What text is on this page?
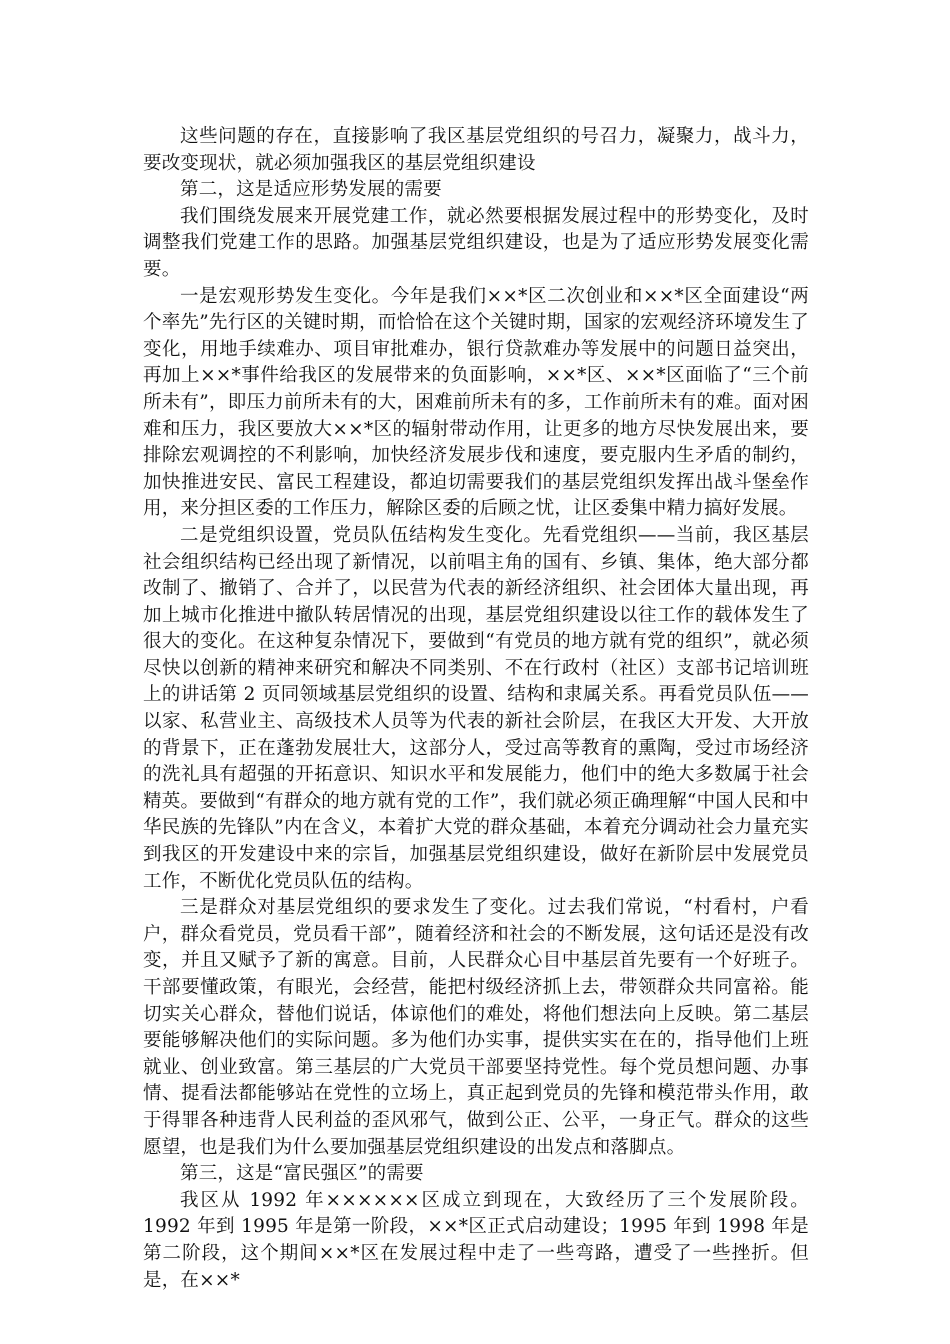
这些问题的存在，直接影响了我区基层党组织的号召力，凝聚力，战斗力，要改变现状，就必须加强我区的基层党组织建设

第二，这是适应形势发展的需要

我们围绕发展来开展党建工作，就必然要根据发展过程中的形势变化，及时调整我们党建工作的思路。加强基层党组织建设，也是为了适应形势发展变化需要。

一是宏观形势发生变化。今年是我们××*区二次创业和××*区全面建设“两个率先”先行区的关键时期，而恰恰在这个关键时期，国家的宏观经济环境发生了变化，用地手续难办、项目审批难办，银行贷款难办等发展中的问题日益突出，再加上××*事件给我区的发展带来的负面影响，××*区、××*区面临了“三个前所未有”，即压力前所未有的大，困难前所未有的多，工作前所未有的难。面对困难和压力，我区要放大××*区的辐射带动作用，让更多的地方尽快发展出来，要排除宏观调控的不利影响，加快经济发展步伐和速度，要克服内生矛盾的制约，加快推进安民、富民工程建设，都迫切需要我们的基层党组织发挥出战斗堡垒作用，来分担区委的工作压力，解除区委的后顾之忧，让区委集中精力搞好发展。

二是党组织设置，党员队伍结构发生变化。先看党组织——当前，我区基层社会组织结构已经出现了新情况，以前唱主角的国有、乡镇、集体，绝大部分都改制了、撤销了、合并了，以民营为代表的新经济组织、社会团体大量出现，再加上城市化推进中撤队转居情况的出现，基层党组织建设以往工作的载体发生了很大的变化。在这种复杂情况下，要做到“有党员的地方就有党的组织”，就必须尽快以创新的精神来研究和解决不同类别、不在行政村（社区）支部书记培训班上的讲话第 2 页同领域基层党组织的设置、结构和隶属关系。再看党员队伍——以家、私营业主、高级技术人员等为代表的新社会阶层，在我区大开发、大开放的背景下，正在蓬勃发展壮大，这部分人，受过高等教育的熏陶，受过市场经济的洗礼具有超强的开拓意识、知识水平和发展能力，他们中的绝大多数属于社会精英。要做到“有群众的地方就有党的工作”，我们就必须正确理解“中国人民和中华民族的先锋队”内在含义，本着扩大党的群众基础，本着充分调动社会力量充实到我区的开发建设中来的宗旨，加强基层党组织建设，做好在新阶层中发展党员工作，不断优化党员队伍的结构。

三是群众对基层党组织的要求发生了变化。过去我们常说，“村看村，户看户，群众看党员，党员看干部”，随着经济和社会的不断发展，这句话还是没有改变，并且又赋予了新的寓意。目前，人民群众心目中基层首先要有一个好班子。干部要懂政策，有眼光，会经营，能把村级经济抓上去，带领群众共同富裕。能切实关心群众，替他们说话，体谅他们的难处，将他们想法向上反映。第二基层要能够解决他们的实际问题。多为他们办实事，提供实实在在的，指导他们上班就业、创业致富。第三基层的广大党员干部要坚持党性。每个党员想问题、办事情、提看法都能够站在党性的立场上，真正起到党员的先锋和模范带头作用，敢于得罪各种违背人民利益的歪风邪气，做到公正、公平，一身正气。群众的这些愿望，也是我们为什么要加强基层党组织建设的出发点和落脚点。

第三，这是“富民强区”的需要

我区从 1992 年××××××区成立到现在，大致经历了三个发展阶段。1992 年到 1995 年是第一阶段，××*区正式启动建设；1995 年到 1998 年是第二阶段，这个期间××*区在发展过程中走了一些弯路，遭受了一些挫折。但是，在××*
